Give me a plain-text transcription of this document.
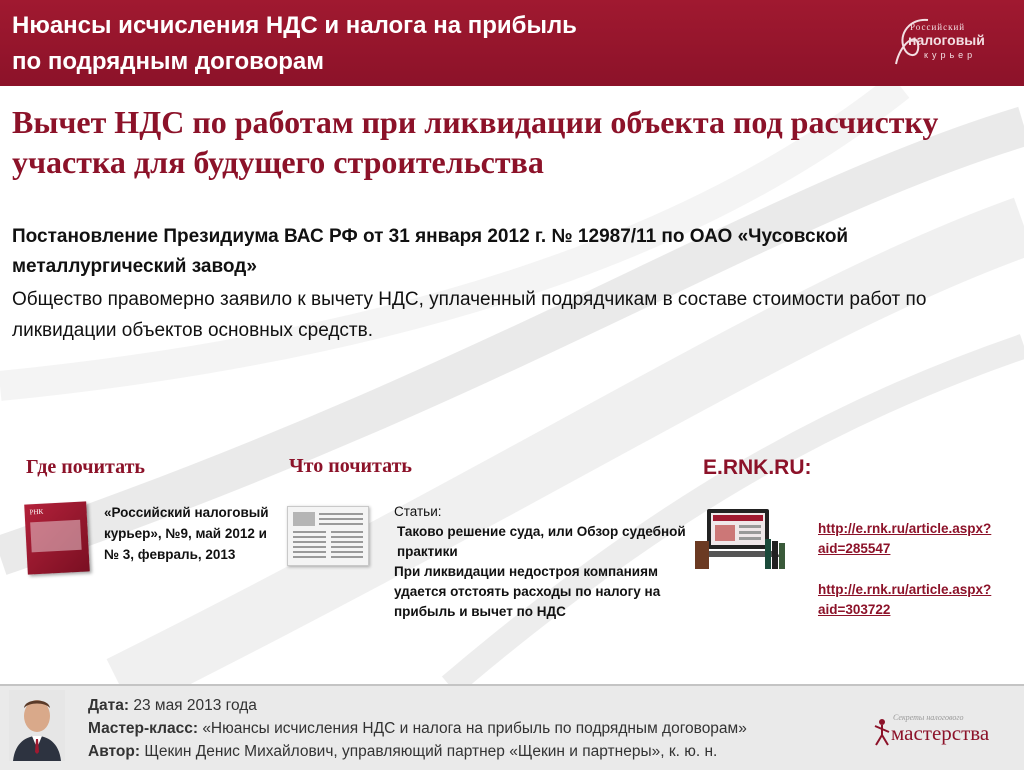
Нюансы исчисления НДС и налога на прибыль
по подрядным договорам
Российский
налоговый
курьер
Вычет НДС по работам при ликвидации объекта под расчистку участка для будущего строительства
Постановление Президиума ВАС РФ от 31 января 2012 г. № 12987/11 по ОАО «Чусовской металлургический завод»
Общество правомерно заявило к вычету НДС, уплаченный подрядчикам в составе стоимости работ по ликвидации объектов основных средств.
Где почитать
РНК	«Российский налоговый курьер», №9, май 2012 и № 3, февраль, 2013
Что почитать
Статьи:
Таково решение суда, или Обзор судебной практики
При ликвидации недостроя компаниям удается отстоять расходы по налогу на прибыль и вычет по НДС
E.RNK.RU:
http://e.rnk.ru/article.aspx?aid=285547
http://e.rnk.ru/article.aspx?aid=303722
Дата: 23 мая 2013 года
Мастер-класс: «Нюансы исчисления НДС и налога на прибыль по подрядным договорам»
Автор: Щекин Денис Михайлович, управляющий партнер «Щекин и партнеры», к. ю. н.
Секреты налогового
мастерства
